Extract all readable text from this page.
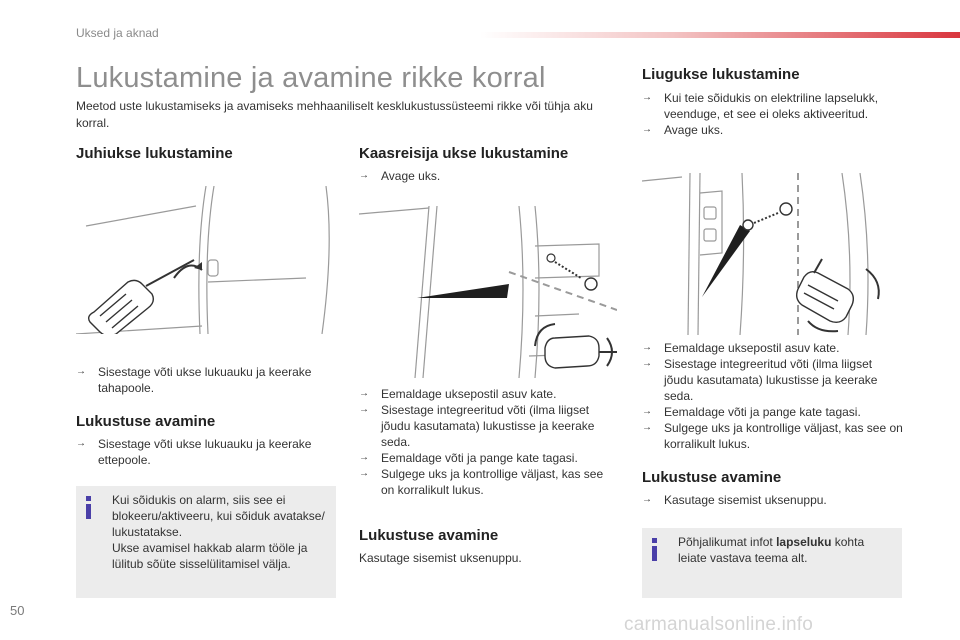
Uksed ja aknad
Lukustamine ja avamine rikke korral
Meetod uste lukustamiseks ja avamiseks mehhaaniliselt kesklukustussüsteemi rikke või tühja aku korral.
Juhiukse lukustamine
→ Sisestage võti ukse lukuauku ja keerake tahapoole.
Lukustuse avamine
→ Sisestage võti ukse lukuauku ja keerake ettepoole.

Kui sõidukis on alarm, siis see ei blokeeru/aktiveeru, kui sõiduk avatakse/ lukustatakse.

Ukse avamisel hakkab alarm tööle ja lülitub sõüte sisselülitamisel välja.

Kaasreisija ukse lukustamine
→ Avage uks.
→ Eemaldage uksepostil asuv kate.
→ Sisestage integreeritud võti (ilma liigset jõudu kasutamata) lukustisse ja keerake seda.
→ Eemaldage võti ja pange kate tagasi.
→ Sulgege uks ja kontrollige väljast, kas see on korralikult lukus.
Lukustuse avamine
Kasutage sisemist uksenuppu.
Liugukse lukustamine
→ Kui teie sõidukis on elektriline lapselukk, veenduge, et see ei oleks aktiveeritud.
→ Avage uks.
→ Eemaldage uksepostil asuv kate.
→ Sisestage integreeritud võti (ilma liigset jõudu kasutamata) lukustisse ja keerake seda.
→ Eemaldage võti ja pange kate tagasi.
→ Sulgege uks ja kontrollige väljast, kas see on korralikult lukus.
Lukustuse avamine
→ Kasutage sisemist uksenuppu.

Põhjalikumat infot lapseluku kohta leiate vastava teema alt.

50
carmanualsonline.info
